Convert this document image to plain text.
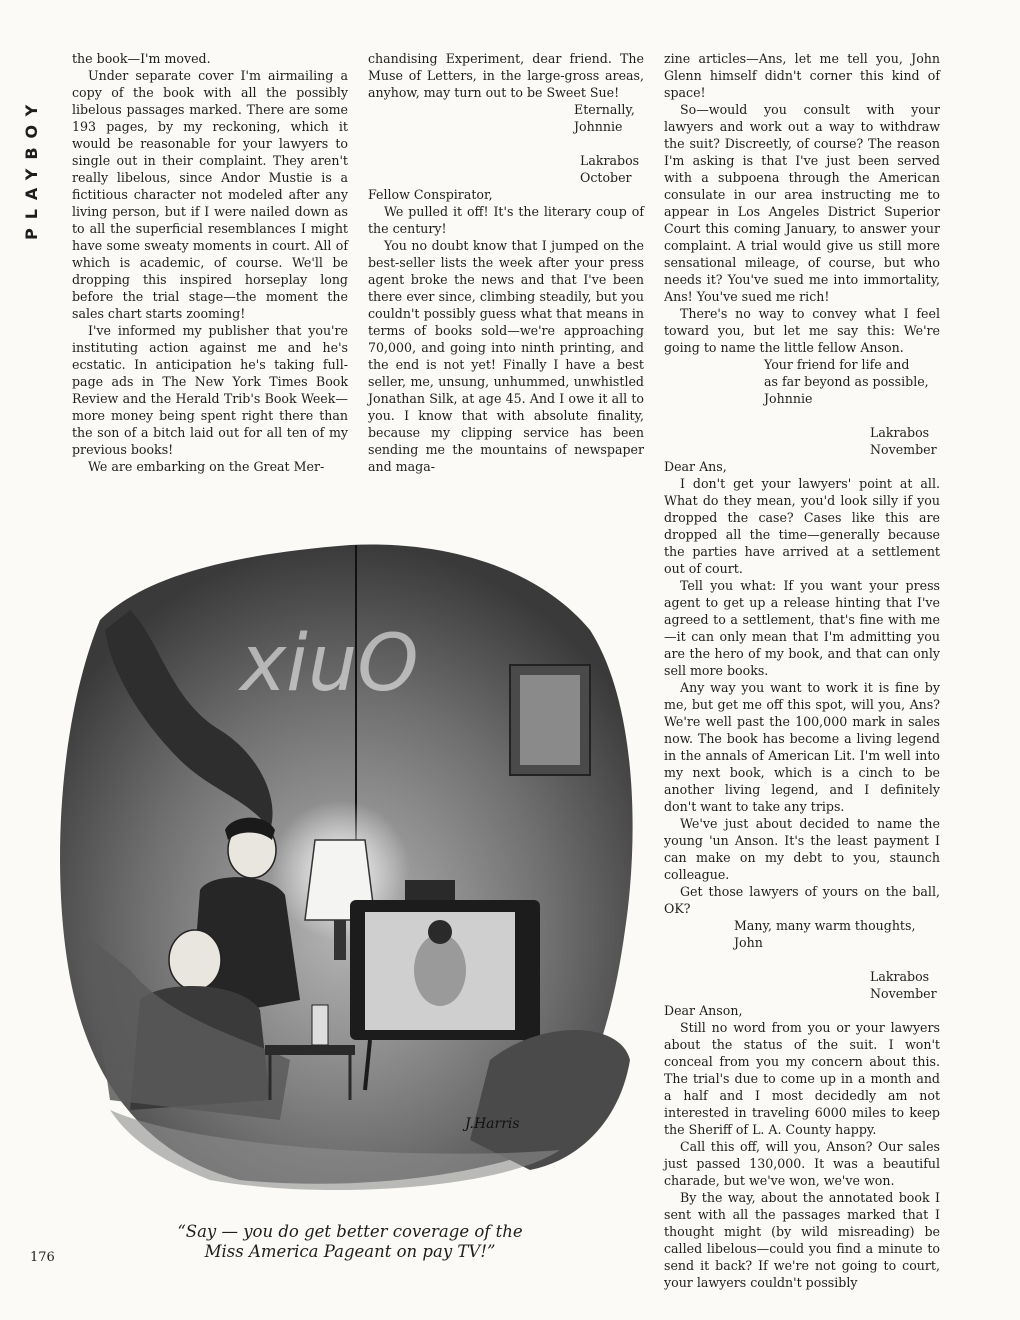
PLAYBOY

the book—I'm moved.

Under separate cover I'm airmailing a copy of the book with all the possibly libelous passages marked. There are some 193 pages, by my reckoning, which it would be reasonable for your lawyers to single out in their complaint. They aren't really libelous, since Andor Mustie is a fictitious character not modeled after any living person, but if I were nailed down as to all the superficial resemblances I might have some sweaty moments in court. All of which is academic, of course. We'll be dropping this inspired horseplay long before the trial stage—the moment the sales chart starts zooming!

I've informed my publisher that you're instituting action against me and he's ecstatic. In anticipation he's taking full-page ads in The New York Times Book Review and the Herald Trib's Book Week—more money being spent right there than the son of a bitch laid out for all ten of my previous books!

We are embarking on the Great Mer-

chandising Experiment, dear friend. The Muse of Letters, in the large-gross areas, anyhow, may turn out to be Sweet Sue!

Eternally,

Johnnie

Lakrabos

October

Fellow Conspirator,

We pulled it off! It's the literary coup of the century!

You no doubt know that I jumped on the best-seller lists the week after your press agent broke the news and that I've been there ever since, climbing steadily, but you couldn't possibly guess what that means in terms of books sold—we're approaching 70,000, and going into ninth printing, and the end is not yet! Finally I have a best seller, me, unsung, unhummed, unwhistled Jonathan Silk, at age 45. And I owe it all to you. I know that with absolute finality, because my clipping service has been sending me the mountains of newspaper and maga-

zine articles—Ans, let me tell you, John Glenn himself didn't corner this kind of space!

So—would you consult with your lawyers and work out a way to withdraw the suit? Discreetly, of course? The reason I'm asking is that I've just been served with a subpoena through the American consulate in our area instructing me to appear in Los Angeles District Superior Court this coming January, to answer your complaint. A trial would give us still more sensational mileage, of course, but who needs it? You've sued me into immortality, Ans! You've sued me rich!

There's no way to convey what I feel toward you, but let me say this: We're going to name the little fellow Anson.

Your friend for life and

as far beyond as possible,

Johnnie

Lakrabos

November

Dear Ans,

I don't get your lawyers' point at all. What do they mean, you'd look silly if you dropped the case? Cases like this are dropped all the time—generally because the parties have arrived at a settlement out of court.

Tell you what: If you want your press agent to get up a release hinting that I've agreed to a settlement, that's fine with me—it can only mean that I'm admitting you are the hero of my book, and that can only sell more books.

Any way you want to work it is fine by me, but get me off this spot, will you, Ans? We're well past the 100,000 mark in sales now. The book has become a living legend in the annals of American Lit. I'm well into my next book, which is a cinch to be another living legend, and I definitely don't want to take any trips.

We've just about decided to name the young 'un Anson. It's the least payment I can make on my debt to you, staunch colleague.

Get those lawyers of yours on the ball, OK?

Many, many warm thoughts,

John

Lakrabos

November

Dear Anson,

Still no word from you or your lawyers about the status of the suit. I won't conceal from you my concern about this. The trial's due to come up in a month and a half and I most decidedly am not interested in traveling 6000 miles to keep the Sheriff of L. A. County happy.

Call this off, will you, Anson? Our sales just passed 130,000. It was a beautiful charade, but we've won, we've won.

By the way, about the annotated book I sent with all the passages marked that I thought might (by wild misreading) be called libelous—could you find a minute to send it back? If we're not going to court, your lawyers couldn't possibly

J.Harris
xiuO
“Say — you do get better coverage of the
Miss America Pageant on pay TV!”
176
